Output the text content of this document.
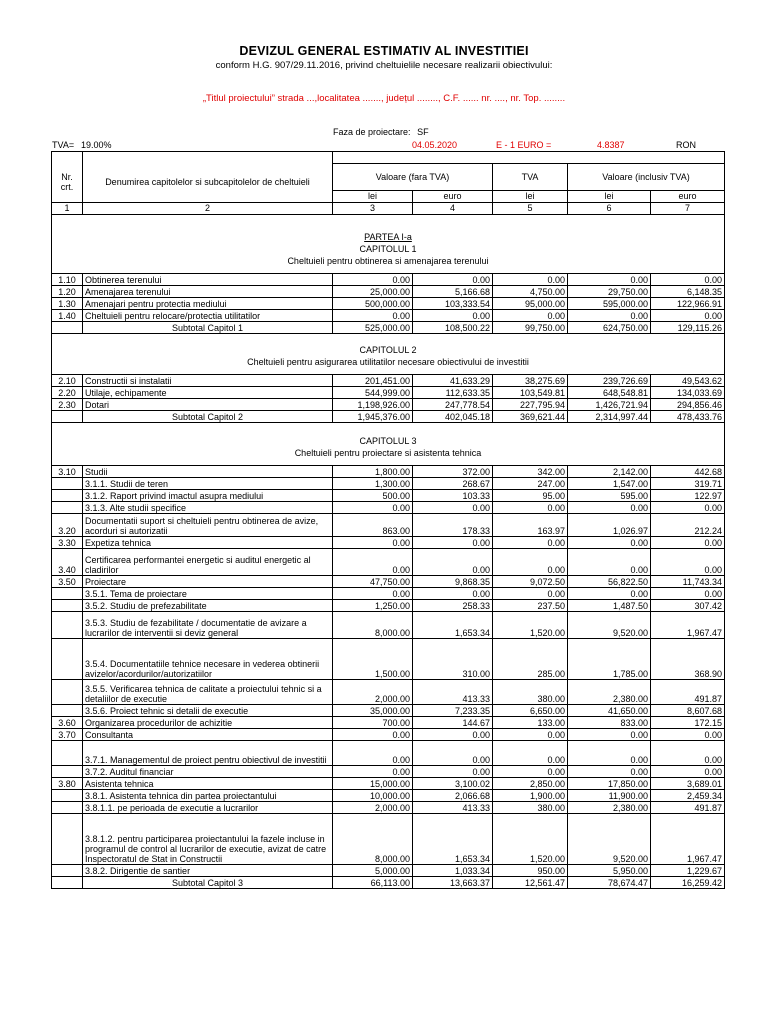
DEVIZUL GENERAL ESTIMATIV AL INVESTITIEI
conform H.G. 907/29.11.2016, privind cheltuielile necesare realizarii obiectivului:
„Titlul proiectului” strada ...,localitatea ......., județul ........, C.F. ...... nr. ...., nr. Top. ........
Faza de proiectare: SF
TVA= 19.00%	04.05.2020	E - 1 EURO =	4.8387	RON

Nr. crt.	Denumirea capitolelor si subcapitolelor de cheltuieli	Valoare (fara TVA)		TVA	Valoare (inclusiv TVA)	
		lei	euro	lei	lei	euro
1	2	3	4	5	6	7

PARTEA I-a
CAPITOLUL 1
Cheltuieli pentru obtinerea si amenajarea terenului						

1.10	Obtinerea terenului	0.00	0.00	0.00	0.00	0.00
1.20	Amenajarea terenului	25,000.00	5,166.68	4,750.00	29,750.00	6,148.35
1.30	Amenajari pentru protectia mediului	500,000.00	103,333.54	95,000.00	595,000.00	122,966.91
1.40	Cheltuieli pentru relocare/protectia utilitatilor	0.00	0.00	0.00	0.00	0.00
	Subtotal Capitol 1	525,000.00	108,500.22	99,750.00	624,750.00	129,115.26

CAPITOLUL 2
Cheltuieli pentru asigurarea utilitatilor necesare obiectivului de investitii						

2.10	Constructii si instalatii	201,451.00	41,633.29	38,275.69	239,726.69	49,543.62
2.20	Utilaje, echipamente	544,999.00	112,633.35	103,549.81	648,548.81	134,033.69
2.30	Dotari	1,198,926.00	247,778.54	227,795.94	1,426,721.94	294,856.46
	Subtotal Capitol 2	1,945,376.00	402,045.18	369,621.44	2,314,997.44	478,433.76

CAPITOLUL 3
Cheltuieli pentru proiectare si asistenta tehnica						

3.10	Studii	1,800.00	372.00	342.00	2,142.00	442.68
	3.1.1. Studii de teren	1,300.00	268.67	247.00	1,547.00	319.71
	3.1.2. Raport privind imactul asupra mediului	500.00	103.33	95.00	595.00	122.97
	3.1.3. Alte studii specifice	0.00	0.00	0.00	0.00	0.00
3.20	Documentatii suport si cheltuieli pentru obtinerea de avize, acorduri si autorizatii	863.00	178.33	163.97	1,026.97	212.24
3.30	Expetiza tehnica	0.00	0.00	0.00	0.00	0.00
3.40	Certificarea performantei energetic si auditul energetic al cladirilor	0.00	0.00	0.00	0.00	0.00
3.50	Proiectare	47,750.00	9,868.35	9,072.50	56,822.50	11,743.34
	3.5.1. Tema de proiectare	0.00	0.00	0.00	0.00	0.00
	3.5.2. Studiu de prefezabilitate	1,250.00	258.33	237.50	1,487.50	307.42
	3.5.3. Studiu de fezabilitate / documentatie de avizare a lucrarilor de interventii si deviz general	8,000.00	1,653.34	1,520.00	9,520.00	1,967.47
	3.5.4. Documentatiile tehnice necesare in vederea obtinerii avizelor/acordurilor/autorizatiilor	1,500.00	310.00	285.00	1,785.00	368.90
	3.5.5. Verificarea tehnica de calitate a proiectului tehnic si a detaliilor de executie	2,000.00	413.33	380.00	2,380.00	491.87
	3.5.6. Proiect tehnic si detalii de executie	35,000.00	7,233.35	6,650.00	41,650.00	8,607.68
3.60	Organizarea procedurilor de achizitie	700.00	144.67	133.00	833.00	172.15
3.70	Consultanta	0.00	0.00	0.00	0.00	0.00
	3.7.1. Managementul de proiect pentru obiectivul de investitii	0.00	0.00	0.00	0.00	0.00
	3.7.2. Auditul financiar	0.00	0.00	0.00	0.00	0.00
3.80	Asistenta tehnica	15,000.00	3,100.02	2,850.00	17,850.00	3,689.01
	3.8.1. Asistenta tehnica din partea proiectantului	10,000.00	2,066.68	1,900.00	11,900.00	2,459.34
	3.8.1.1. pe perioada de executie a lucrarilor	2,000.00	413.33	380.00	2,380.00	491.87
	3.8.1.2. pentru participarea proiectantului la fazele incluse in programul de control al lucrarilor de executie, avizat de catre Inspectoratul de Stat in Constructii	8,000.00	1,653.34	1,520.00	9,520.00	1,967.47
	3.8.2. Dirigentie de santier	5,000.00	1,033.34	950.00	5,950.00	1,229.67
	Subtotal Capitol 3	66,113.00	13,663.37	12,561.47	78,674.47	16,259.42
